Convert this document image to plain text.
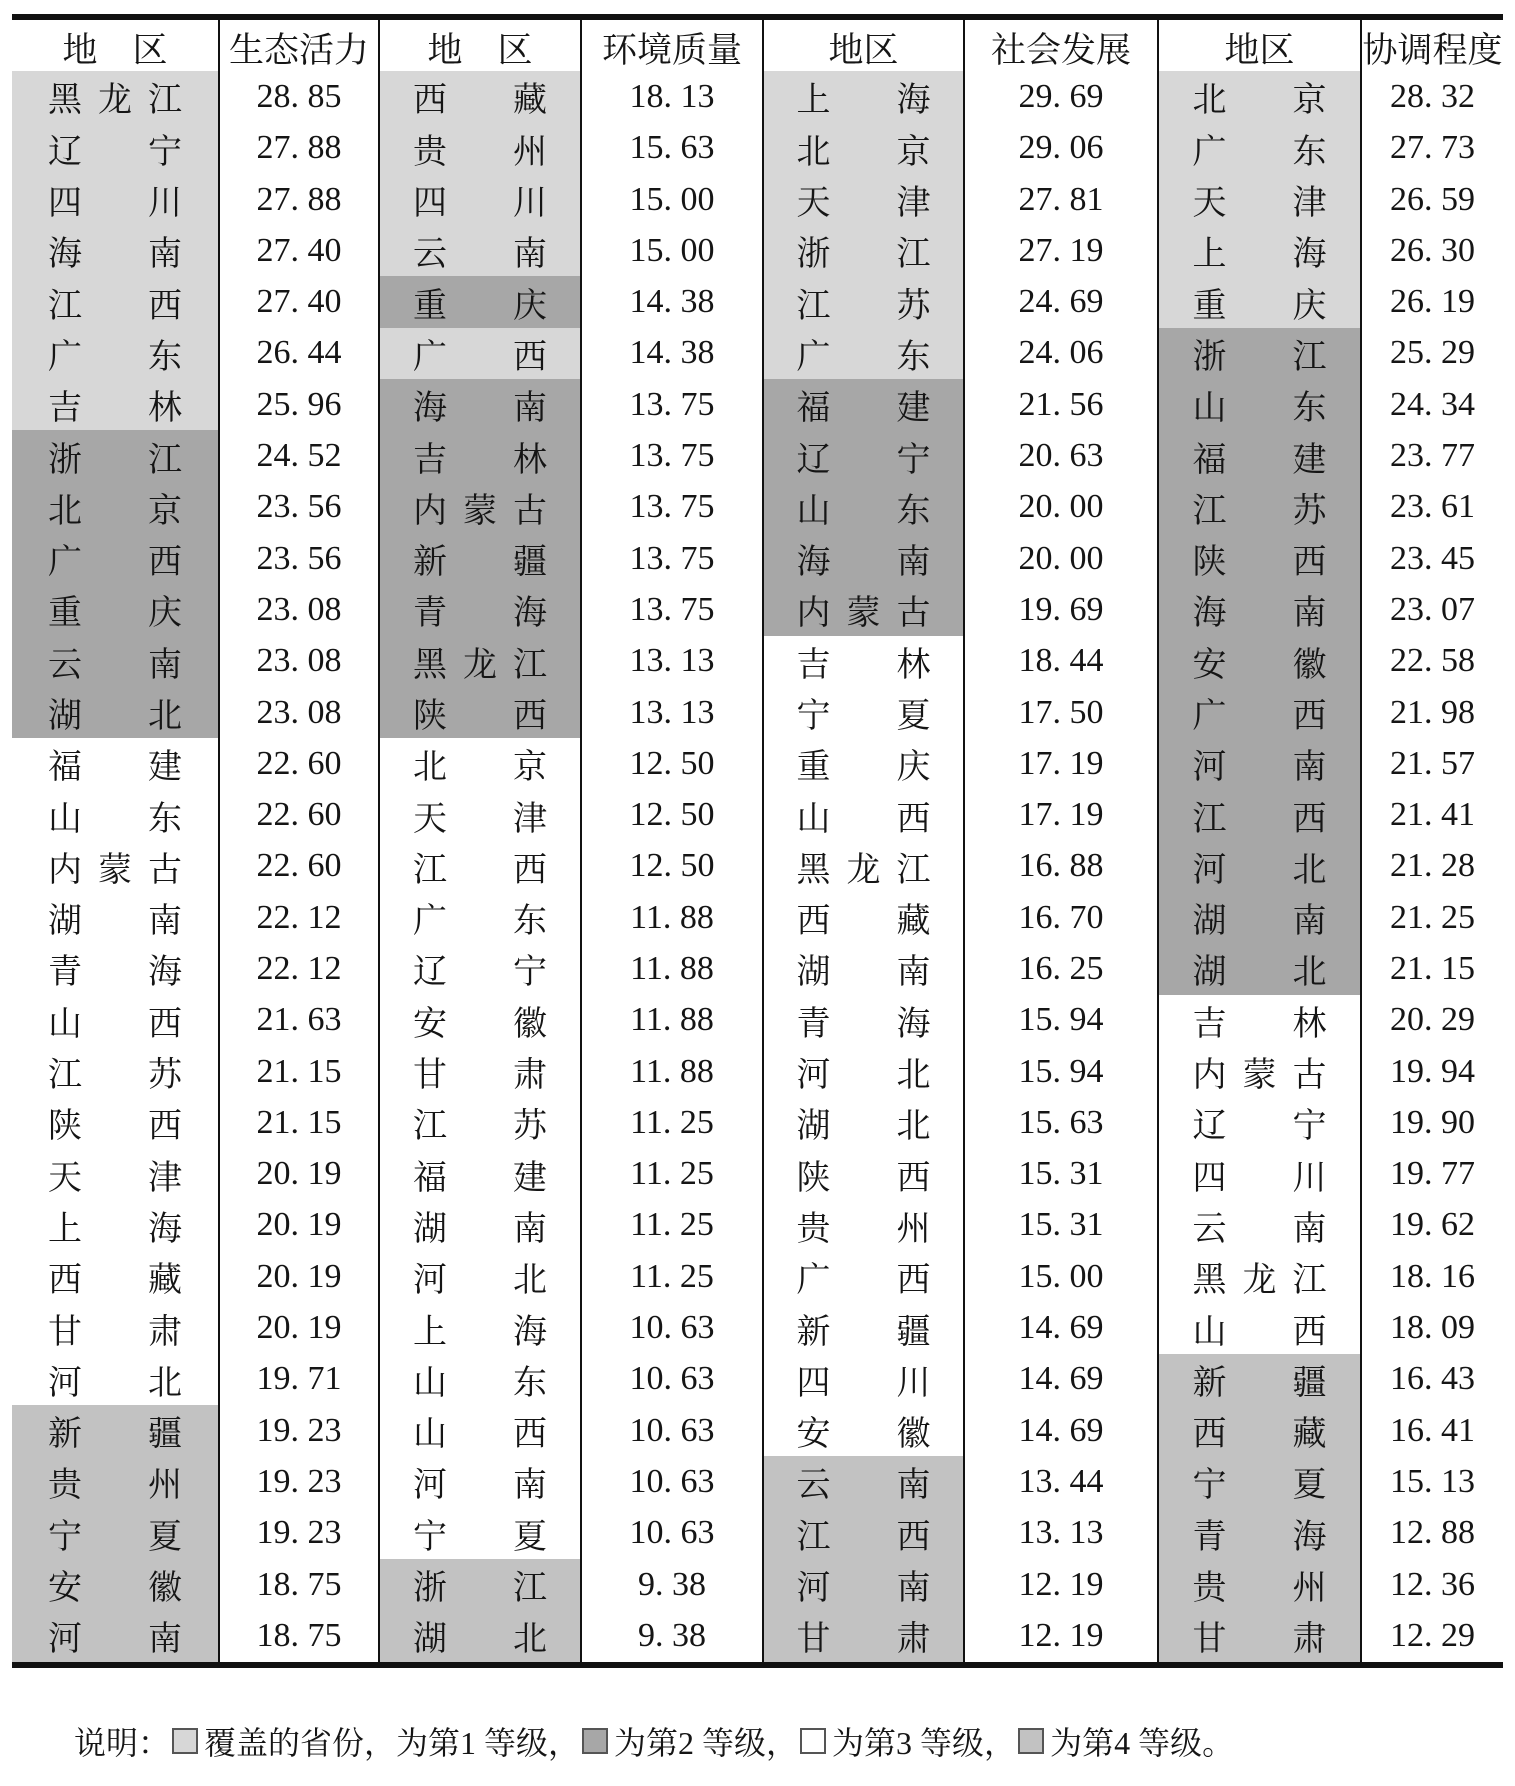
地　区 生态活力 地　区 环境质量 地区	社会发展	地区 协调程度
黑 龙 江 28. 85 西 藏 18. 13 上 海	29. 69	北 京 28. 32
辽 宁 27. 88 贵 州 15. 63 北 京	29. 06	广 东 27. 73
四 川 27. 88 四 川 15. 00 天 津	27. 81	天 津 26. 59
海 南 27. 40 云 南 15. 00 浙 江	27. 19	上 海 26. 30
江 西 27. 40 重 庆 14. 38 江 苏	24. 69	重 庆 26. 19
广 东 26. 44 广 西 14. 38 广 东	24. 06	浙 江 25. 29
吉 林 25. 96 海 南 13. 75 福 建	21. 56	山 东 24. 34
浙 江 24. 52 吉 林 13. 75 辽 宁	20. 63	福 建 23. 77
北 京 23. 56 内 蒙 古 13. 75 山 东	20. 00	江 苏 23. 61
广 西 23. 56 新 疆 13. 75 海 南	20. 00	陕 西 23. 45
重 庆 23. 08 青 海 13. 75 内 蒙 古	19. 69	海 南 23. 07
云 南 23. 08 黑 龙 江 13. 13 吉 林	18. 44	安 徽 22. 58
湖 北 23. 08 陕 西 13. 13 宁 夏	17. 50	广 西 21. 98
福 建 22. 60 北 京 12. 50 重 庆	17. 19	河 南 21. 57
山 东 22. 60 天 津 12. 50 山 西	17. 19	江 西 21. 41
内 蒙 古 22. 60 江 西 12. 50 黑 龙 江	16. 88	河 北 21. 28
湖 南 22. 12 广 东 11. 88 西 藏	16. 70	湖 南 21. 25
青 海 22. 12 辽 宁 11. 88 湖 南	16. 25	湖 北 21. 15
山 西 21. 63 安 徽 11. 88 青 海	15. 94	吉 林 20. 29
江 苏 21. 15 甘 肃 11. 88 河 北	15. 94	内 蒙 古 19. 94
陕 西 21. 15 江 苏 11. 25 湖 北	15. 63	辽 宁 19. 90
天 津 20. 19 福 建 11. 25 陕 西	15. 31	四 川 19. 77
上 海 20. 19 湖 南 11. 25 贵 州	15. 31	云 南 19. 62
西 藏 20. 19 河 北 11. 25 广 西	15. 00	黑 龙 江 18. 16
甘 肃 20. 19 上 海 10. 63 新 疆	14. 69	山 西 18. 09
河 北 19. 71 山 东 10. 63 四 川	14. 69	新 疆 16. 43
新 疆 19. 23 山 西 10. 63 安 徽	14. 69	西 藏 16. 41
贵 州 19. 23 河 南 10. 63 云 南	13. 44	宁 夏 15. 13
宁 夏 19. 23 宁 夏 10. 63 江 西	13. 13	青 海 12. 88
安 徽 18. 75 浙 江	9. 38	河 南	12. 19	贵 州 12. 36
河 南 18. 75 湖 北	9. 38	甘 肃	12. 19	甘 肃 12. 29
说明： 覆盖的省份，为第1 等级， 为第2 等级， 为第3 等级， 为第4 等级。
